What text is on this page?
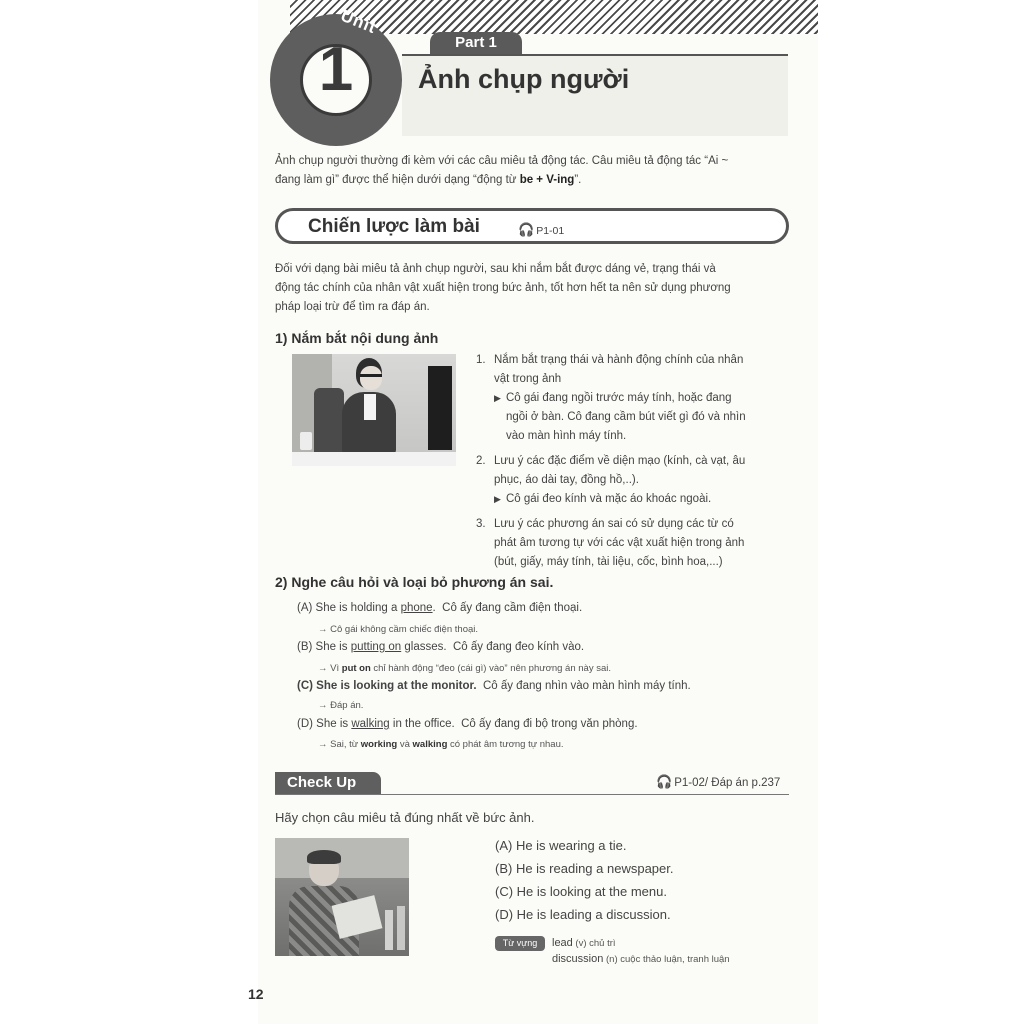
1
Unit
Part 1
Ảnh chụp người
Ảnh chụp người thường đi kèm với các câu miêu tả động tác. Câu miêu tả động tác “Ai ~
đang làm gì” được thể hiện dưới dạng “động từ be + V-ing”.
Chiến lược làm bài	🎧 P1-01
Đối với dạng bài miêu tả ảnh chụp người, sau khi nắm bắt được dáng vẻ, trạng thái và
động tác chính của nhân vật xuất hiện trong bức ảnh, tốt hơn hết ta nên sử dụng phương
pháp loại trừ để tìm ra đáp án.
1) Nắm bắt nội dung ảnh
1. Nắm bắt trạng thái và hành động chính của nhân
vật trong ảnh
▶ Cô gái đang ngồi trước máy tính, hoặc đang
ngồi ở bàn. Cô đang cầm bút viết gì đó và nhìn
vào màn hình máy tính.
2. Lưu ý các đặc điểm về diện mạo (kính, cà vạt, âu
phục, áo dài tay, đồng hồ,..).
▶ Cô gái đeo kính và mặc áo khoác ngoài.
3. Lưu ý các phương án sai có sử dụng các từ có
phát âm tương tự với các vật xuất hiện trong ảnh
(bút, giấy, máy tính, tài liệu, cốc, bình hoa,...)
2) Nghe câu hỏi và loại bỏ phương án sai.
(A) She is holding a phone. Cô ấy đang cầm điện thoại.
→ Cô gái không cầm chiếc điện thoại.
(B) She is putting on glasses. Cô ấy đang đeo kính vào.
→ Vì put on chỉ hành động “đeo (cái gì) vào” nên phương án này sai.
(C) She is looking at the monitor. Cô ấy đang nhìn vào màn hình máy tính.
→ Đáp án.
(D) She is walking in the office. Cô ấy đang đi bộ trong văn phòng.
→ Sai, từ working và walking có phát âm tương tự nhau.
Check Up	🎧 P1-02/ Đáp án p.237
Hãy chọn câu miêu tả đúng nhất về bức ảnh.
(A) He is wearing a tie.
(B) He is reading a newspaper.
(C) He is looking at the menu.
(D) He is leading a discussion.
Từ vựng	lead (v) chủ trì
discussion (n) cuộc thảo luận, tranh luận
12
